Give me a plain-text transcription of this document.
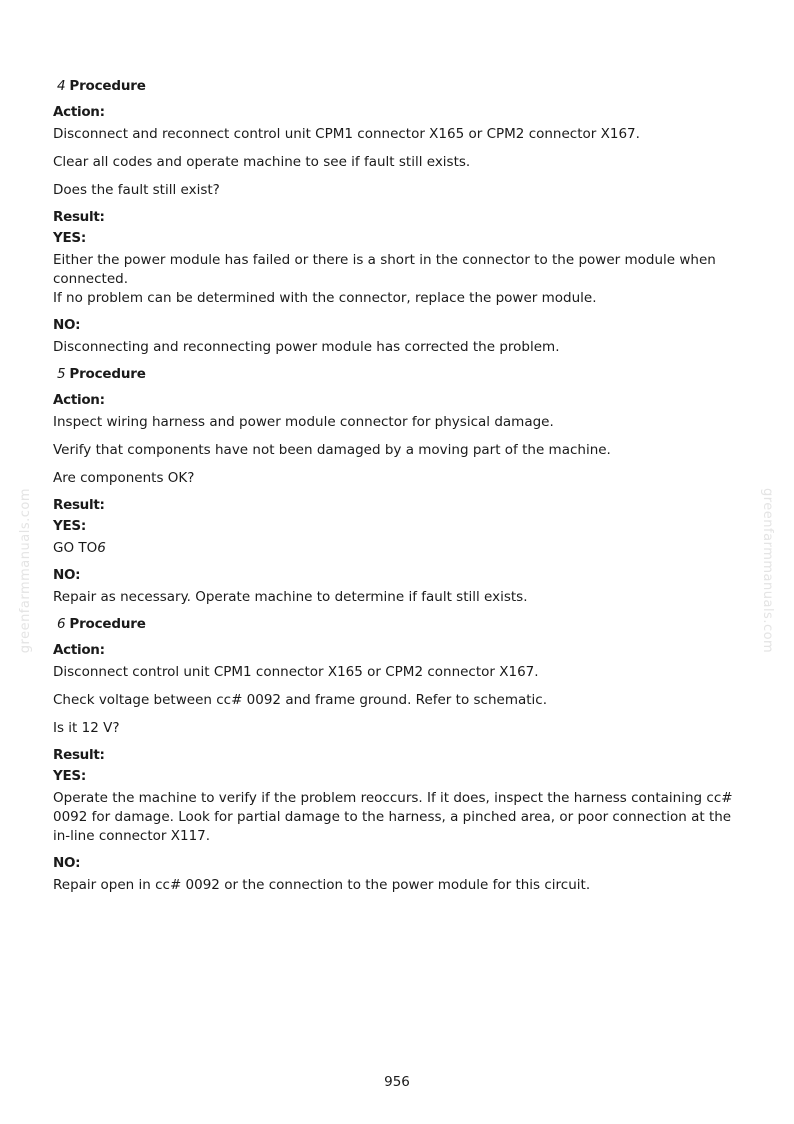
greenfarmmanuals.com	greenfarmmanuals.com
4 Procedure
Action:

Disconnect and reconnect control unit CPM1 connector X165 or CPM2 connector X167.

Clear all codes and operate machine to see if fault still exists.

Does the fault still exist?

Result:
YES:

Either the power module has failed or there is a short in the connector to the power module when connected.

If no problem can be determined with the connector, replace the power module.

NO:

Disconnecting and reconnecting power module has corrected the problem.

5 Procedure
Action:

Inspect wiring harness and power module connector for physical damage.

Verify that components have not been damaged by a moving part of the machine.

Are components OK?

Result:
YES:

GO TO6

NO:

Repair as necessary. Operate machine to determine if fault still exists.

6 Procedure
Action:

Disconnect control unit CPM1 connector X165 or CPM2 connector X167.

Check voltage between cc# 0092 and frame ground. Refer to schematic.

Is it 12 V?

Result:
YES:

Operate the machine to verify if the problem reoccurs. If it does, inspect the harness containing cc# 0092 for damage. Look for partial damage to the harness, a pinched area, or poor connection at the in-line connector X117.

NO:

Repair open in cc# 0092 or the connection to the power module for this circuit.

956
